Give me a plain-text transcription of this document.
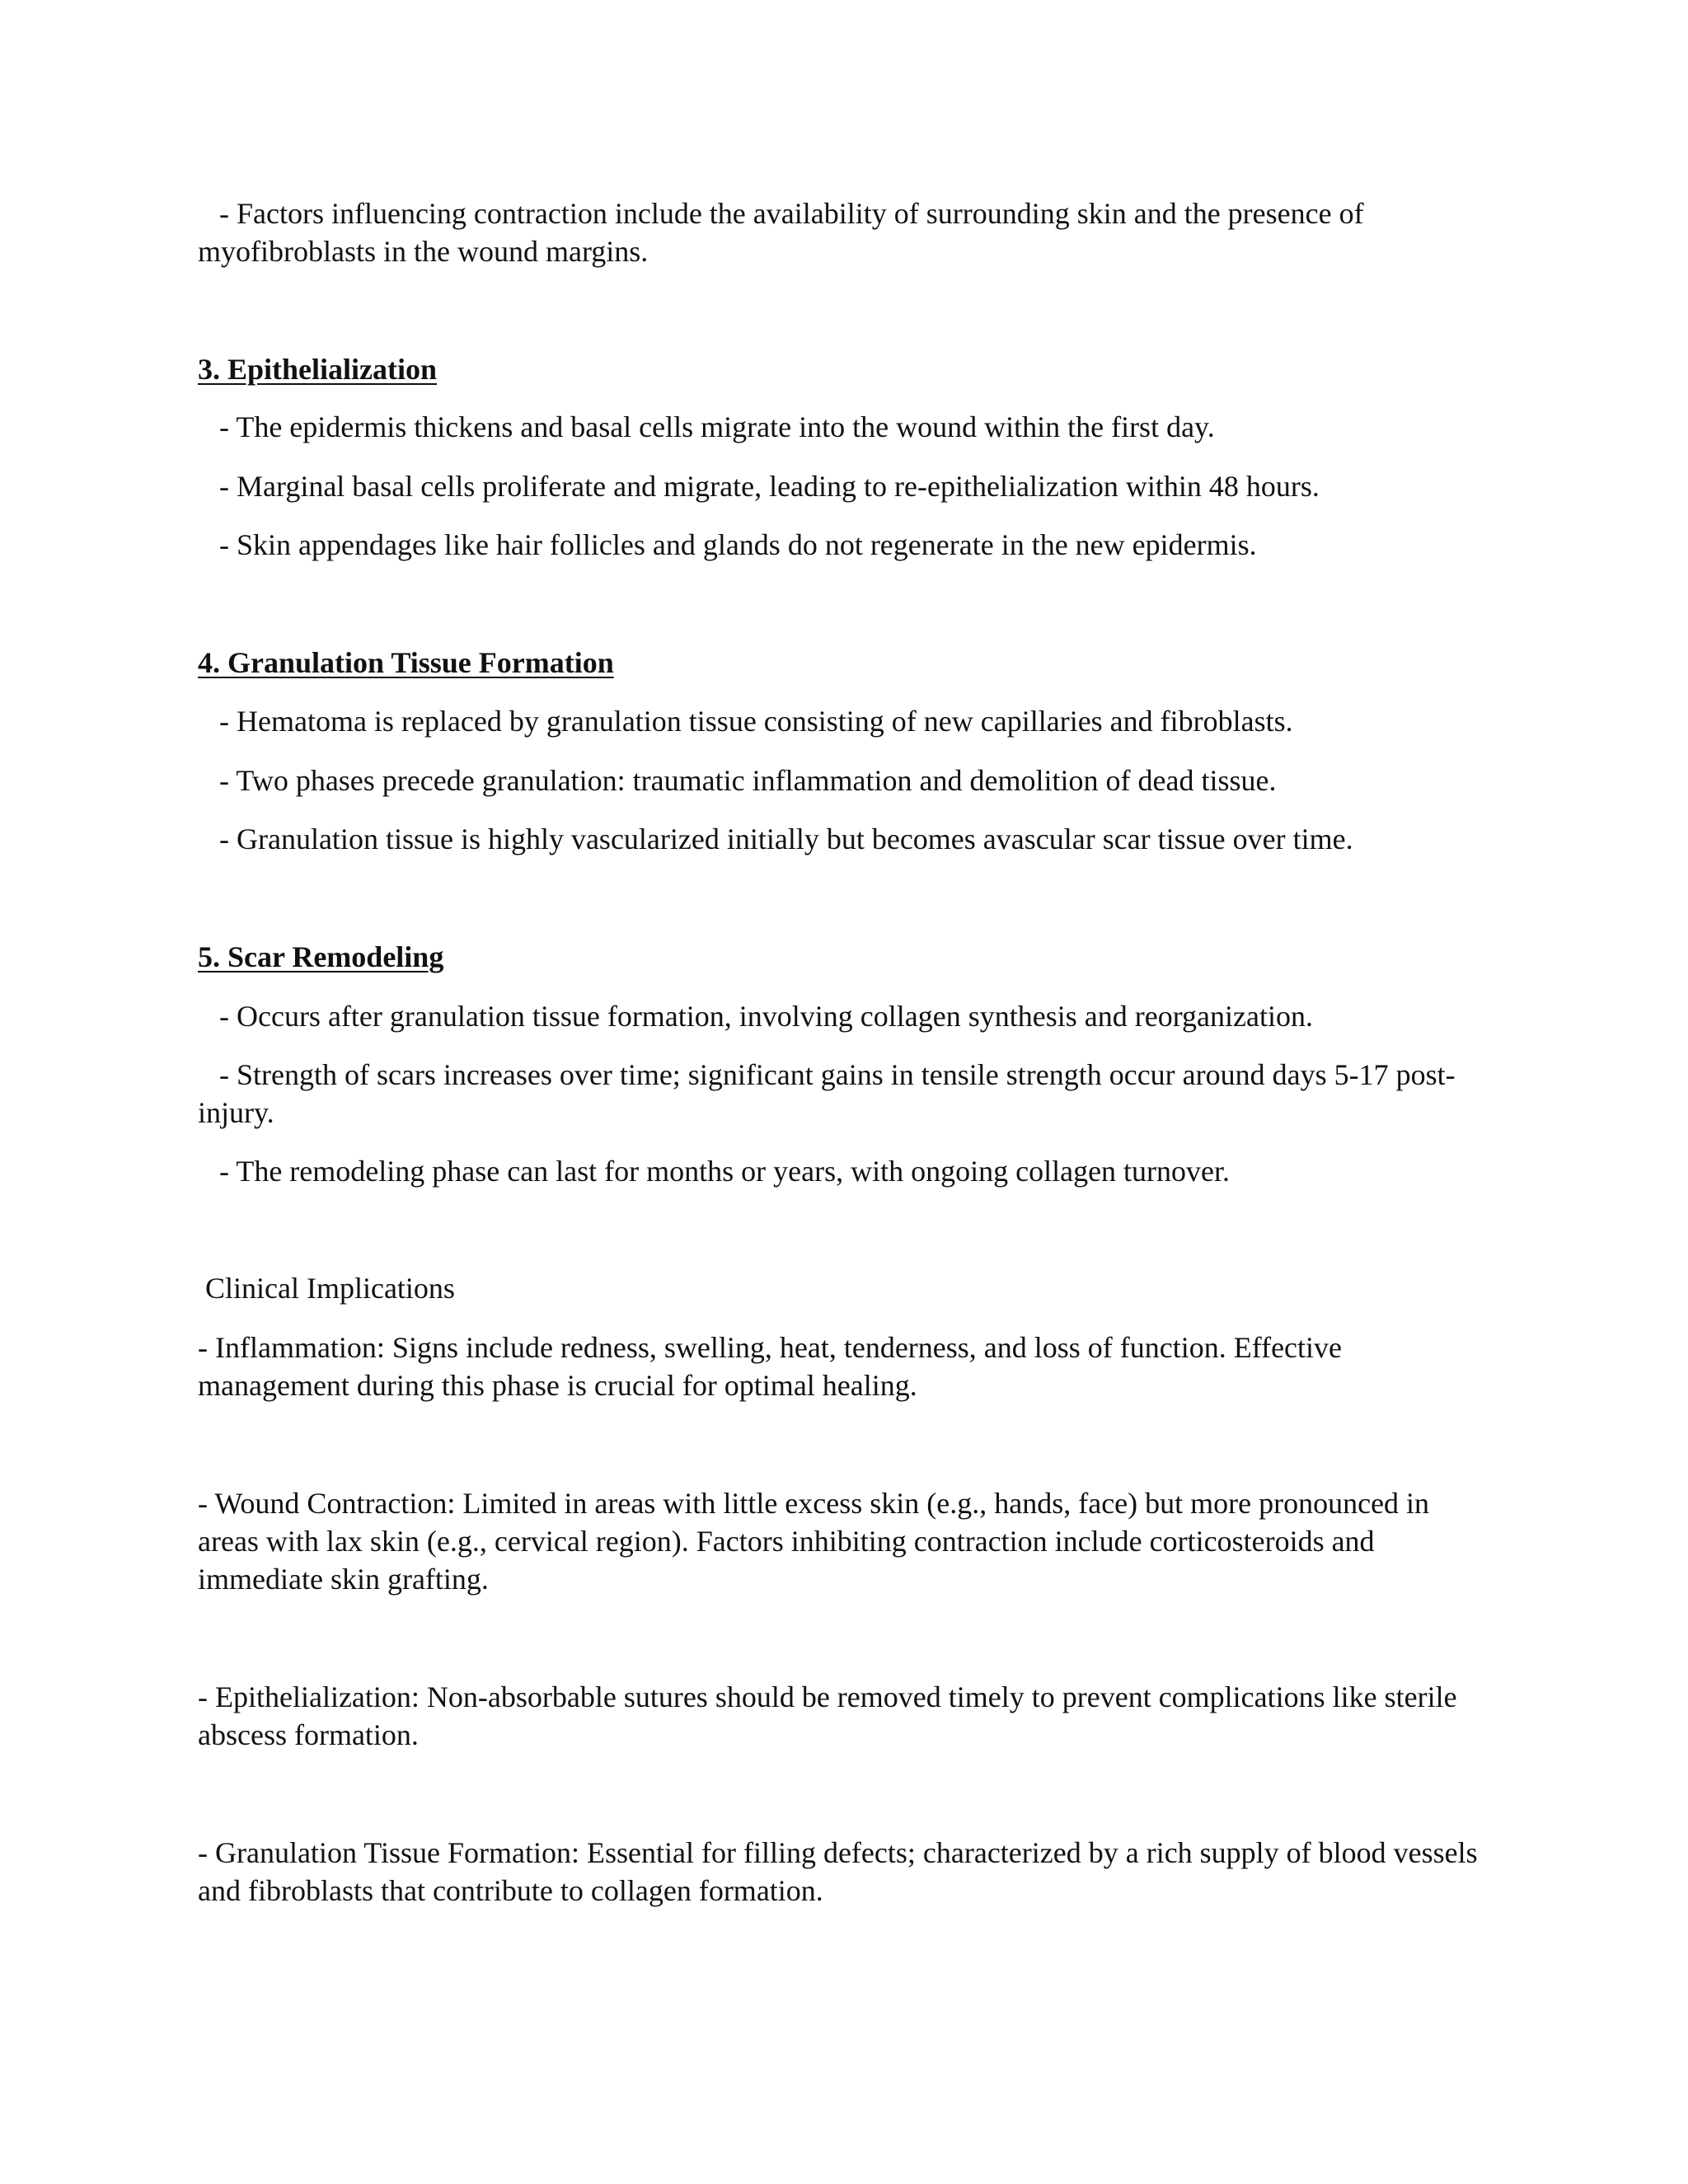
- Factors influencing contraction include the availability of surrounding skin and the presence of myofibroblasts in the wound margins.

3. Epithelialization

- The epidermis thickens and basal cells migrate into the wound within the first day.

- Marginal basal cells proliferate and migrate, leading to re-epithelialization within 48 hours.

- Skin appendages like hair follicles and glands do not regenerate in the new epidermis.

4. Granulation Tissue Formation

- Hematoma is replaced by granulation tissue consisting of new capillaries and fibroblasts.

- Two phases precede granulation: traumatic inflammation and demolition of dead tissue.

- Granulation tissue is highly vascularized initially but becomes avascular scar tissue over time.

5. Scar Remodeling

- Occurs after granulation tissue formation, involving collagen synthesis and reorganization.

- Strength of scars increases over time; significant gains in tensile strength occur around days 5-17 post-injury.

- The remodeling phase can last for months or years, with ongoing collagen turnover.

Clinical Implications

- Inflammation: Signs include redness, swelling, heat, tenderness, and loss of function. Effective management during this phase is crucial for optimal healing.

- Wound Contraction: Limited in areas with little excess skin (e.g., hands, face) but more pronounced in areas with lax skin (e.g., cervical region). Factors inhibiting contraction include corticosteroids and immediate skin grafting.

- Epithelialization: Non-absorbable sutures should be removed timely to prevent complications like sterile abscess formation.

- Granulation Tissue Formation: Essential for filling defects; characterized by a rich supply of blood vessels and fibroblasts that contribute to collagen formation.
